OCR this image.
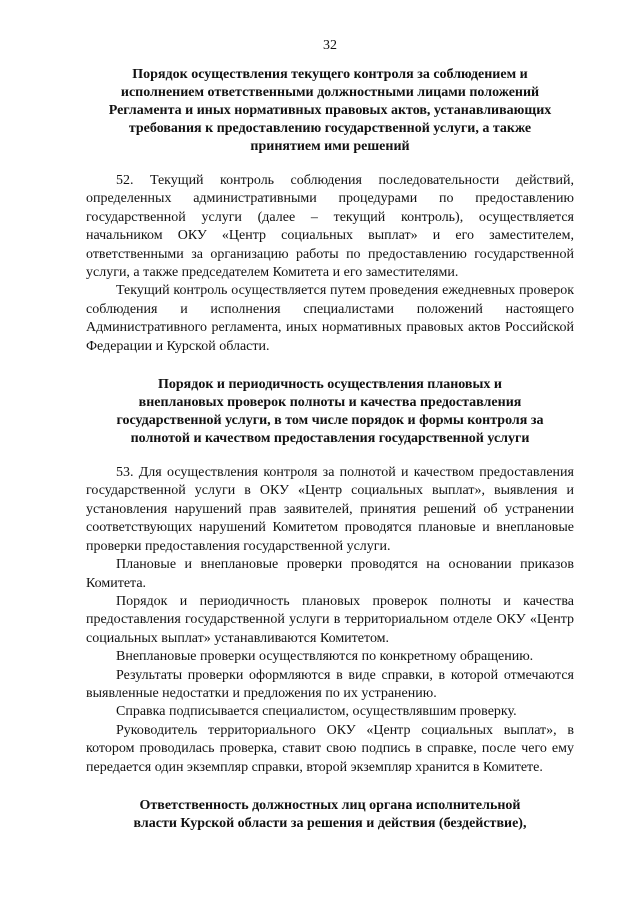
32
Порядок осуществления текущего контроля за соблюдением и
исполнением ответственными должностными лицами положений
Регламента и иных нормативных правовых актов, устанавливающих
требования к предоставлению государственной услуги, а также
принятием ими решений

52. Текущий контроль соблюдения последовательности действий, определенных административными процедурами по предоставлению государственной услуги (далее – текущий контроль), осуществляется начальником ОКУ «Центр социальных выплат» и его заместителем, ответственными за организацию работы по предоставлению государственной услуги, а также председателем Комитета и его заместителями.

Текущий контроль осуществляется путем проведения ежедневных проверок соблюдения и исполнения специалистами положений настоящего Административного регламента, иных нормативных правовых актов Российской Федерации и Курской области.

Порядок и периодичность осуществления плановых и
внеплановых проверок полноты и качества предоставления
государственной услуги, в том числе порядок и формы контроля за
полнотой и качеством предоставления государственной услуги

53. Для осуществления контроля за полнотой и качеством предоставления государственной услуги в ОКУ «Центр социальных выплат», выявления и установления нарушений прав заявителей, принятия решений об устранении соответствующих нарушений Комитетом проводятся плановые и внеплановые проверки предоставления государственной услуги.

Плановые и внеплановые проверки проводятся на основании приказов Комитета.

Порядок и периодичность плановых проверок полноты и качества предоставления государственной услуги в территориальном отделе ОКУ «Центр социальных выплат» устанавливаются Комитетом.

Внеплановые проверки осуществляются по конкретному обращению.

Результаты проверки оформляются в виде справки, в которой отмечаются выявленные недостатки и предложения по их устранению.

Справка подписывается специалистом, осуществлявшим проверку.

Руководитель территориального ОКУ «Центр социальных выплат», в котором проводилась проверка, ставит свою подпись в справке, после чего ему передается один экземпляр справки, второй экземпляр хранится в Комитете.

Ответственность должностных лиц органа исполнительной
власти Курской области за решения и действия (бездействие),
